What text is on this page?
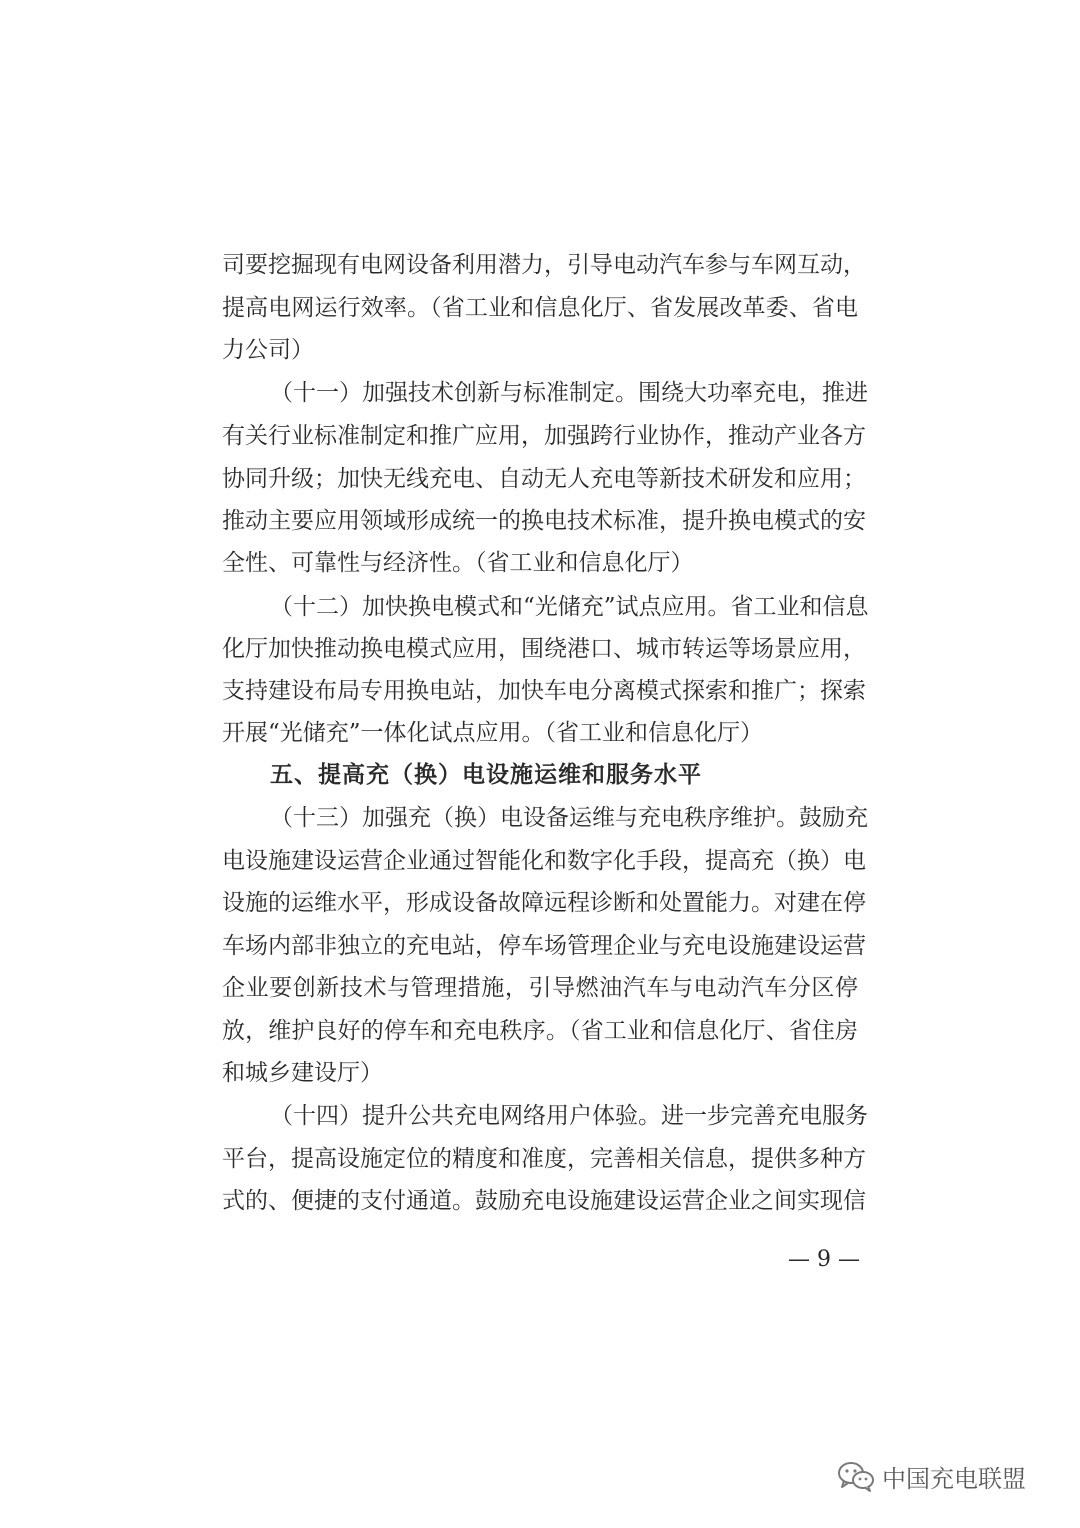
司要挖掘现有电网设备利用潜力，引导电动汽车参与车网互动，
提高电网运行效率。（省工业和信息化厅、省发展改革委、省电
力公司）
（十一）加强技术创新与标准制定。围绕大功率充电，推进
有关行业标准制定和推广应用，加强跨行业协作，推动产业各方
协同升级；加快无线充电、自动无人充电等新技术研发和应用；
推动主要应用领域形成统一的换电技术标准，提升换电模式的安
全性、可靠性与经济性。（省工业和信息化厅）
（十二）加快换电模式和“光储充”试点应用。省工业和信息
化厅加快推动换电模式应用，围绕港口、城市转运等场景应用，
支持建设布局专用换电站，加快车电分离模式探索和推广；探索
开展“光储充”一体化试点应用。（省工业和信息化厅）
五、提高充（换）电设施运维和服务水平
（十三）加强充（换）电设备运维与充电秩序维护。鼓励充
电设施建设运营企业通过智能化和数字化手段，提高充（换）电
设施的运维水平，形成设备故障远程诊断和处置能力。对建在停
车场内部非独立的充电站，停车场管理企业与充电设施建设运营
企业要创新技术与管理措施，引导燃油汽车与电动汽车分区停
放，维护良好的停车和充电秩序。（省工业和信息化厅、省住房
和城乡建设厅）
（十四）提升公共充电网络用户体验。进一步完善充电服务
平台，提高设施定位的精度和准度，完善相关信息，提供多种方
式的、便捷的支付通道。鼓励充电设施建设运营企业之间实现信
— 9 —
中国充电联盟
